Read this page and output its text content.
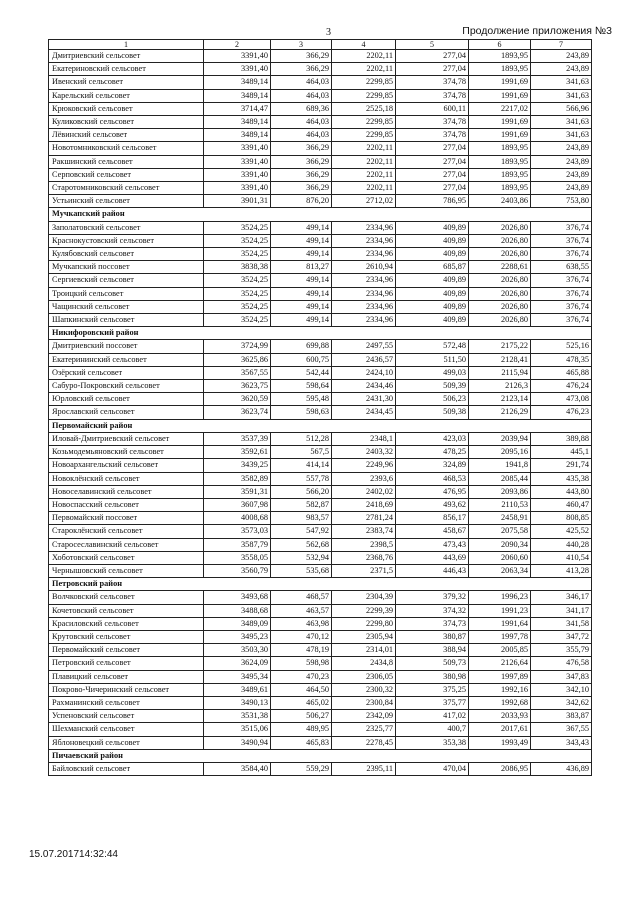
3	Продолжение приложения №3
1	2	3	4	5	6	7
Дмитриевский сельсовет	3391,40	366,29	2202,11	277,04	1893,95	243,89
Екатериновский сельсовет	3391,40	366,29	2202,11	277,04	1893,95	243,89
Ивенский сельсовет	3489,14	464,03	2299,85	374,78	1991,69	341,63
Карельский сельсовет	3489,14	464,03	2299,85	374,78	1991,69	341,63
Крюковский сельсовет	3714,47	689,36	2525,18	600,11	2217,02	566,96
Куликовский сельсовет	3489,14	464,03	2299,85	374,78	1991,69	341,63
Лёвинский сельсовет	3489,14	464,03	2299,85	374,78	1991,69	341,63
Новотомниковский сельсовет	3391,40	366,29	2202,11	277,04	1893,95	243,89
Ракшинский сельсовет	3391,40	366,29	2202,11	277,04	1893,95	243,89
Серповский сельсовет	3391,40	366,29	2202,11	277,04	1893,95	243,89
Старотомниковский сельсовет	3391,40	366,29	2202,11	277,04	1893,95	243,89
Устьинский сельсовет	3901,31	876,20	2712,02	786,95	2403,86	753,80
Мучкапский район						
Заполатовский сельсовет	3524,25	499,14	2334,96	409,89	2026,80	376,74
Краснокустовский сельсовет	3524,25	499,14	2334,96	409,89	2026,80	376,74
Кулябовский сельсовет	3524,25	499,14	2334,96	409,89	2026,80	376,74
Мучкапский поссовет	3838,38	813,27	2610,94	685,87	2288,61	638,55
Сергиевский сельсовет	3524,25	499,14	2334,96	409,89	2026,80	376,74
Троицкий сельсовет	3524,25	499,14	2334,96	409,89	2026,80	376,74
Чащинский сельсовет	3524,25	499,14	2334,96	409,89	2026,80	376,74
Шапкинский сельсовет	3524,25	499,14	2334,96	409,89	2026,80	376,74
Никифоровский район						
Дмитриевский поссовет	3724,99	699,88	2497,55	572,48	2175,22	525,16
Екатерининский сельсовет	3625,86	600,75	2436,57	511,50	2128,41	478,35
Озёрский сельсовет	3567,55	542,44	2424,10	499,03	2115,94	465,88
Сабуро-Покровский сельсовет	3623,75	598,64	2434,46	509,39	2126,3	476,24
Юрловский сельсовет	3620,59	595,48	2431,30	506,23	2123,14	473,08
Ярославский сельсовет	3623,74	598,63	2434,45	509,38	2126,29	476,23
Первомайский район						
Иловай-Дмитриевский сельсовет	3537,39	512,28	2348,1	423,03	2039,94	389,88
Козьмодемьяновский сельсовет	3592,61	567,5	2403,32	478,25	2095,16	445,1
Новоархангельский сельсовет	3439,25	414,14	2249,96	324,89	1941,8	291,74
Новоклёнский сельсовет	3582,89	557,78	2393,6	468,53	2085,44	435,38
Новоселавинский сельсовет	3591,31	566,20	2402,02	476,95	2093,86	443,80
Новоспасский сельсовет	3607,98	582,87	2418,69	493,62	2110,53	460,47
Первомайский поссовет	4008,68	983,57	2781,24	856,17	2458,91	808,85
Староклёнский сельсовет	3573,03	547,92	2383,74	458,67	2075,58	425,52
Старосеславинский сельсовет	3587,79	562,68	2398,5	473,43	2090,34	440,28
Хоботовский сельсовет	3558,05	532,94	2368,76	443,69	2060,60	410,54
Чернышовский сельсовет	3560,79	535,68	2371,5	446,43	2063,34	413,28
Петровский район						
Волчковский сельсовет	3493,68	468,57	2304,39	379,32	1996,23	346,17
Кочетовский сельсовет	3488,68	463,57	2299,39	374,32	1991,23	341,17
Красиловский сельсовет	3489,09	463,98	2299,80	374,73	1991,64	341,58
Крутовский сельсовет	3495,23	470,12	2305,94	380,87	1997,78	347,72
Первомайский сельсовет	3503,30	478,19	2314,01	388,94	2005,85	355,79
Петровский сельсовет	3624,09	598,98	2434,8	509,73	2126,64	476,58
Плавицкий сельсовет	3495,34	470,23	2306,05	380,98	1997,89	347,83
Покрово-Чичеринский сельсовет	3489,61	464,50	2300,32	375,25	1992,16	342,10
Рахманинский сельсовет	3490,13	465,02	2300,84	375,77	1992,68	342,62
Успеновский сельсовет	3531,38	506,27	2342,09	417,02	2033,93	383,87
Шехманский сельсовет	3515,06	489,95	2325,77	400,7	2017,61	367,55
Яблоновецкий сельсовет	3490,94	465,83	2278,45	353,38	1993,49	343,43
Пичаевский район						
Байловский сельсовет	3584,40	559,29	2395,11	470,04	2086,95	436,89
15.07.201714:32:44
